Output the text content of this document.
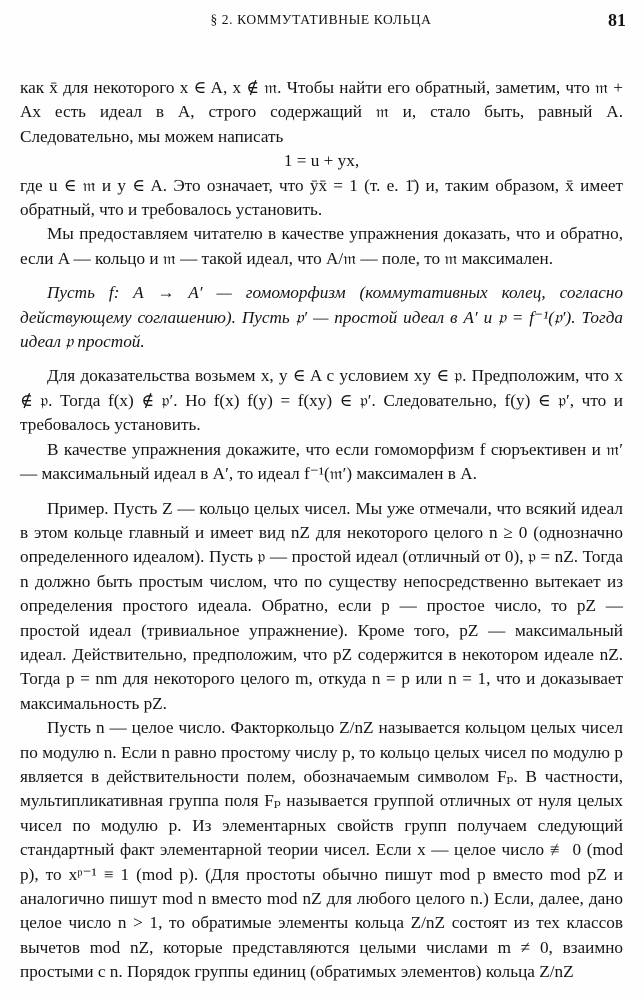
§ 2. КОММУТАТИВНЫЕ КОЛЬЦА	81

как x̄ для некоторого x ∈ A, x ∉ 𝔪. Чтобы найти его обратный, заметим, что 𝔪 + Ax есть идеал в A, строго содержащий 𝔪 и, стало быть, равный A. Следовательно, мы можем написать

1 = u + yx,

где u ∈ 𝔪 и y ∈ A. Это означает, что ȳx̄ = 1 (т. е. 1̄) и, таким образом, x̄ имеет обратный, что и требовалось установить.

Мы предоставляем читателю в качестве упражнения доказать, что и обратно, если A — кольцо и 𝔪 — такой идеал, что A/𝔪 — поле, то 𝔪 максимален.

Пусть f: A → A′ — гомоморфизм (коммутативных колец, согласно действующему соглашению). Пусть 𝔭′ — простой идеал в A′ и 𝔭 = f⁻¹(𝔭′). Тогда идеал 𝔭 простой.

Для доказательства возьмем x, y ∈ A с условием xy ∈ 𝔭. Предположим, что x ∉ 𝔭. Тогда f(x) ∉ 𝔭′. Но f(x) f(y) = f(xy) ∈ 𝔭′. Следовательно, f(y) ∈ 𝔭′, что и требовалось установить.

В качестве упражнения докажите, что если гомоморфизм f сюръективен и 𝔪′ — максимальный идеал в A′, то идеал f⁻¹(𝔪′) максимален в A.

Пример. Пусть Z — кольцо целых чисел. Мы уже отмечали, что всякий идеал в этом кольце главный и имеет вид nZ для некоторого целого n ≥ 0 (однозначно определенного идеалом). Пусть 𝔭 — простой идеал (отличный от 0), 𝔭 = nZ. Тогда n должно быть простым числом, что по существу непосредственно вытекает из определения простого идеала. Обратно, если p — простое число, то pZ — простой идеал (тривиальное упражнение). Кроме того, pZ — максимальный идеал. Действительно, предположим, что pZ содержится в некотором идеале nZ. Тогда p = nm для некоторого целого m, откуда n = p или n = 1, что и доказывает максимальность pZ.

Пусть n — целое число. Факторкольцо Z/nZ называется кольцом целых чисел по модулю n. Если n равно простому числу p, то кольцо целых чисел по модулю p является в действительности полем, обозначаемым символом Fₚ. В частности, мультипликативная группа поля Fₚ называется группой отличных от нуля целых чисел по модулю p. Из элементарных свойств групп получаем следующий стандартный факт элементарной теории чисел. Если x — целое число ≢ 0 (mod p), то xᵖ⁻¹ ≡ 1 (mod p). (Для простоты обычно пишут mod p вместо mod pZ и аналогично пишут mod n вместо mod nZ для любого целого n.) Если, далее, дано целое число n > 1, то обратимые элементы кольца Z/nZ состоят из тех классов вычетов mod nZ, которые представляются целыми числами m ≠ 0, взаимно простыми с n. Порядок группы единиц (обратимых элементов) кольца Z/nZ
